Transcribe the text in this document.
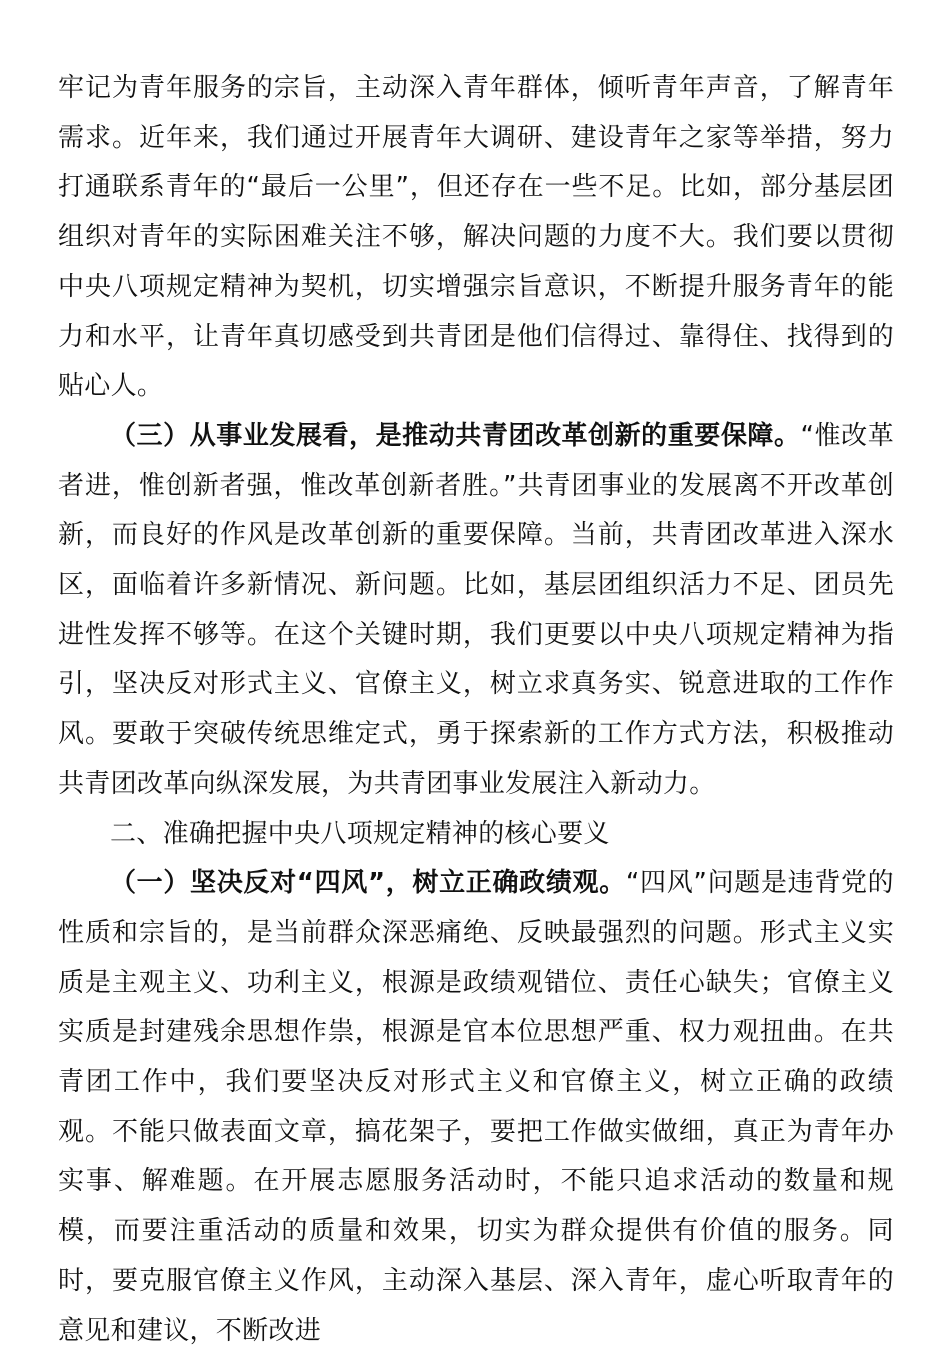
牢记为青年服务的宗旨，主动深入青年群体，倾听青年声音，了解青年需求。近年来，我们通过开展青年大调研、建设青年之家等举措，努力打通联系青年的“最后一公里”，但还存在一些不足。比如，部分基层团组织对青年的实际困难关注不够，解决问题的力度不大。我们要以贯彻中央八项规定精神为契机，切实增强宗旨意识，不断提升服务青年的能力和水平，让青年真切感受到共青团是他们信得过、靠得住、找得到的贴心人。

（三）从事业发展看，是推动共青团改革创新的重要保障。“惟改革者进，惟创新者强，惟改革创新者胜。”共青团事业的发展离不开改革创新，而良好的作风是改革创新的重要保障。当前，共青团改革进入深水区，面临着许多新情况、新问题。比如，基层团组织活力不足、团员先进性发挥不够等。在这个关键时期，我们更要以中央八项规定精神为指引，坚决反对形式主义、官僚主义，树立求真务实、锐意进取的工作作风。要敢于突破传统思维定式，勇于探索新的工作方式方法，积极推动共青团改革向纵深发展，为共青团事业发展注入新动力。

二、准确把握中央八项规定精神的核心要义

（一）坚决反对“四风”，树立正确政绩观。“四风”问题是违背党的性质和宗旨的，是当前群众深恶痛绝、反映最强烈的问题。形式主义实质是主观主义、功利主义，根源是政绩观错位、责任心缺失；官僚主义实质是封建残余思想作祟，根源是官本位思想严重、权力观扭曲。在共青团工作中，我们要坚决反对形式主义和官僚主义，树立正确的政绩观。不能只做表面文章，搞花架子，要把工作做实做细，真正为青年办实事、解难题。在开展志愿服务活动时，不能只追求活动的数量和规模，而要注重活动的质量和效果，切实为群众提供有价值的服务。同时，要克服官僚主义作风，主动深入基层、深入青年，虚心听取青年的意见和建议，不断改进
